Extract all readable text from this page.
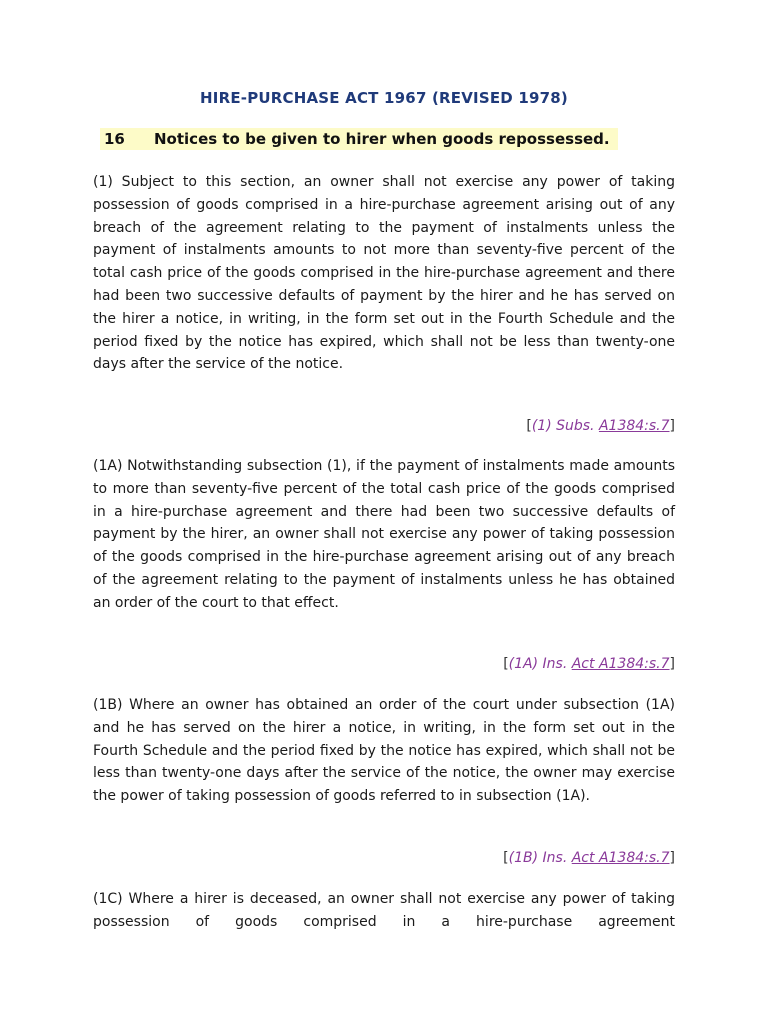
HIRE-PURCHASE ACT 1967 (REVISED 1978)
16 Notices to be given to hirer when goods repossessed.

(1) Subject to this section, an owner shall not exercise any power of taking possession of goods comprised in a hire-purchase agreement arising out of any breach of the agreement relating to the payment of instalments unless the payment of instalments amounts to not more than seventy-five percent of the total cash price of the goods comprised in the hire-purchase agreement and there had been two successive defaults of payment by the hirer and he has served on the hirer a notice, in writing, in the form set out in the Fourth Schedule and the period fixed by the notice has expired, which shall not be less than twenty-one days after the service of the notice.

[(1) Subs. A1384:s.7]

(1A) Notwithstanding subsection (1), if the payment of instalments made amounts to more than seventy-five percent of the total cash price of the goods comprised in a hire-purchase agreement and there had been two successive defaults of payment by the hirer, an owner shall not exercise any power of taking possession of the goods comprised in the hire-purchase agreement arising out of any breach of the agreement relating to the payment of instalments unless he has obtained an order of the court to that effect.

[(1A) Ins. Act A1384:s.7]

(1B) Where an owner has obtained an order of the court under subsection (1A) and he has served on the hirer a notice, in writing, in the form set out in the Fourth Schedule and the period fixed by the notice has expired, which shall not be less than twenty-one days after the service of the notice, the owner may exercise the power of taking possession of goods referred to in subsection (1A).

[(1B) Ins. Act A1384:s.7]

(1C) Where a hirer is deceased, an owner shall not exercise any power of taking possession of goods comprised in a hire-purchase agreement
